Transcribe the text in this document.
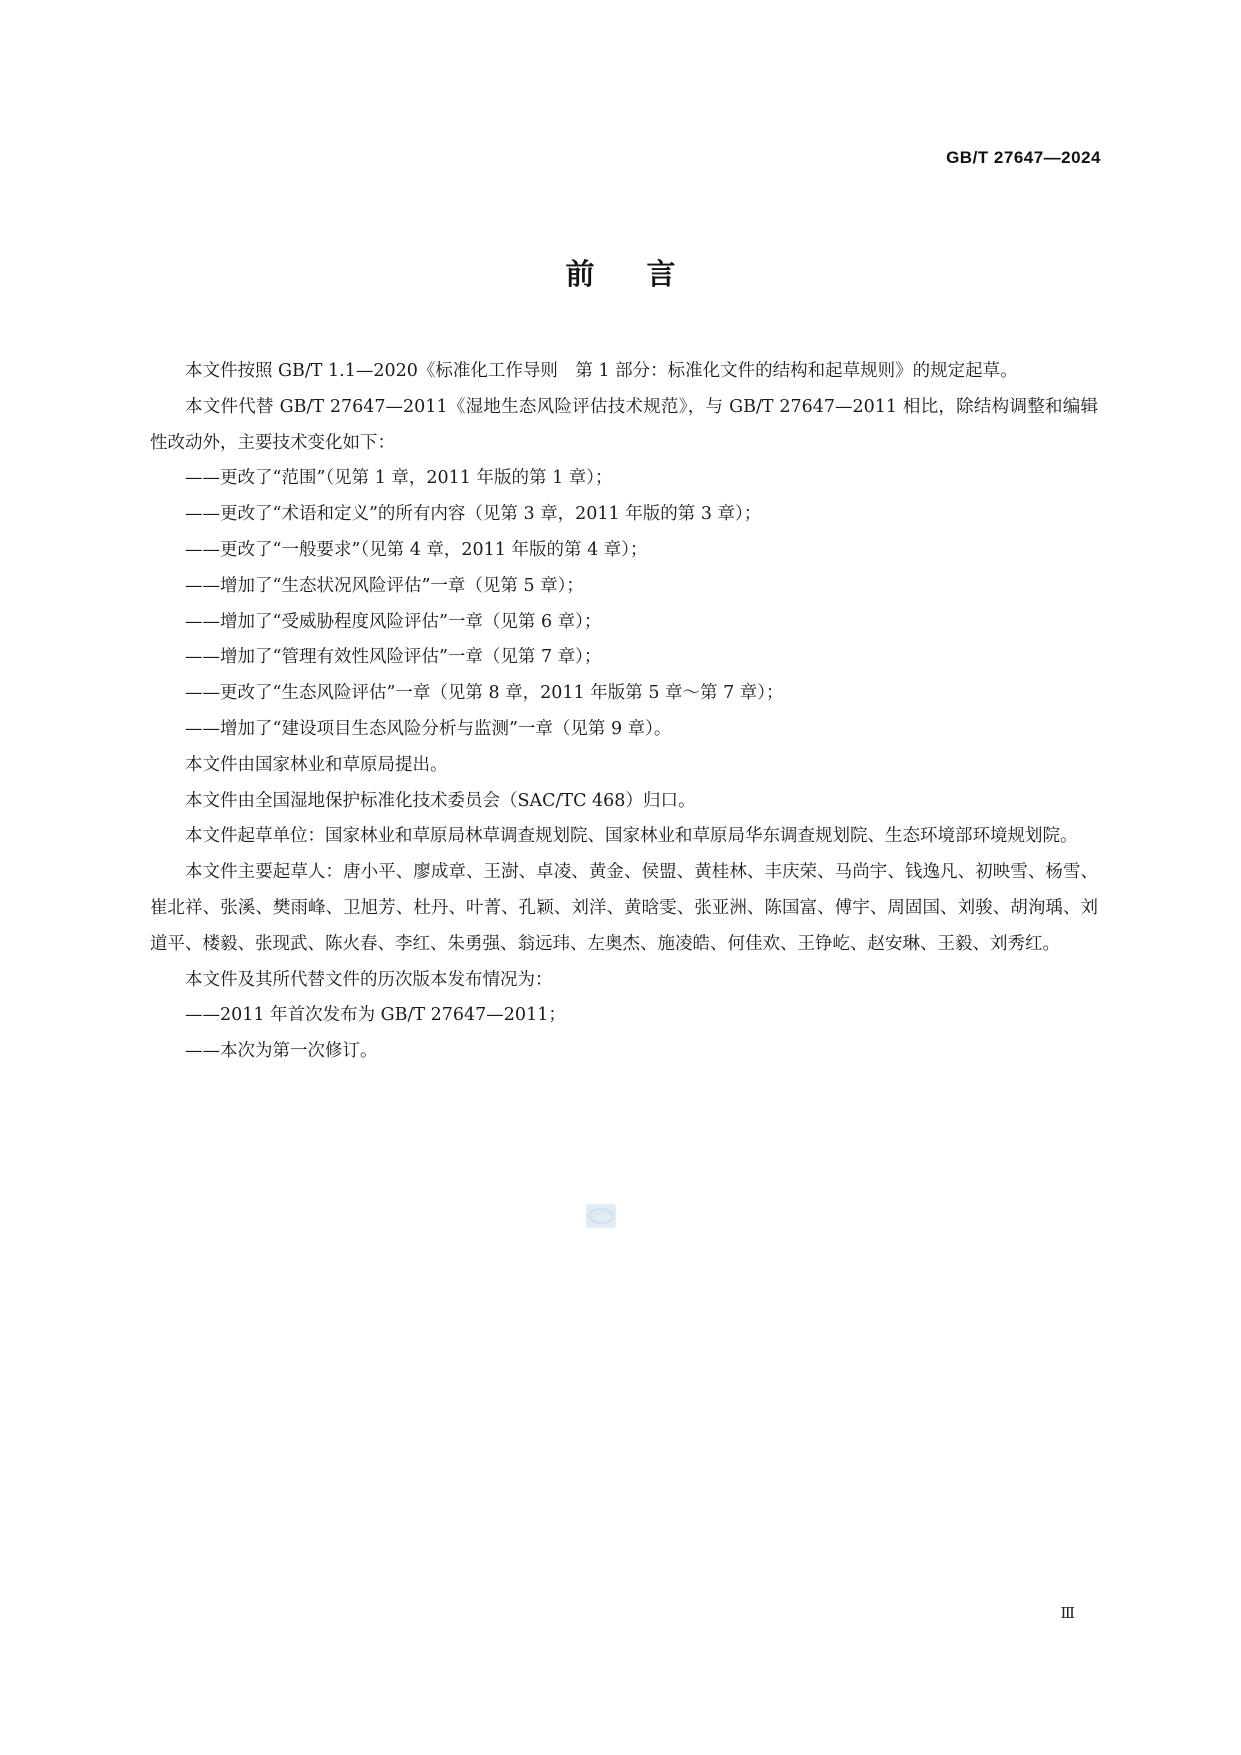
GB/T 27647—2024
前言

本文件按照 GB/T 1.1—2020《标准化工作导则　第 1 部分：标准化文件的结构和起草规则》的规定起草。

本文件代替 GB/T 27647—2011《湿地生态风险评估技术规范》，与 GB/T 27647—2011 相比，除结构调整和编辑性改动外，主要技术变化如下：

——更改了“范围”（见第 1 章，2011 年版的第 1 章）；

——更改了“术语和定义”的所有内容（见第 3 章，2011 年版的第 3 章）；

——更改了“一般要求”（见第 4 章，2011 年版的第 4 章）；

——增加了“生态状况风险评估”一章（见第 5 章）；

——增加了“受威胁程度风险评估”一章（见第 6 章）；

——增加了“管理有效性风险评估”一章（见第 7 章）；

——更改了“生态风险评估”一章（见第 8 章，2011 年版第 5 章～第 7 章）；

——增加了“建设项目生态风险分析与监测”一章（见第 9 章）。

本文件由国家林业和草原局提出。

本文件由全国湿地保护标准化技术委员会（SAC/TC 468）归口。

本文件起草单位：国家林业和草原局林草调查规划院、国家林业和草原局华东调查规划院、生态环境部环境规划院。

本文件主要起草人：唐小平、廖成章、王澍、卓凌、黄金、侯盟、黄桂林、丰庆荣、马尚宇、钱逸凡、初映雪、杨雪、崔北祥、张溪、樊雨峰、卫旭芳、杜丹、叶菁、孔颖、刘洋、黄晗雯、张亚洲、陈国富、傅宇、周固国、刘骏、胡洵瑀、刘道平、楼毅、张现武、陈火春、李红、朱勇强、翁远玮、左奥杰、施凌皓、何佳欢、王铮屹、赵安琳、王毅、刘秀红。

本文件及其所代替文件的历次版本发布情况为：

——2011 年首次发布为 GB/T 27647—2011；

——本次为第一次修订。

Ⅲ
